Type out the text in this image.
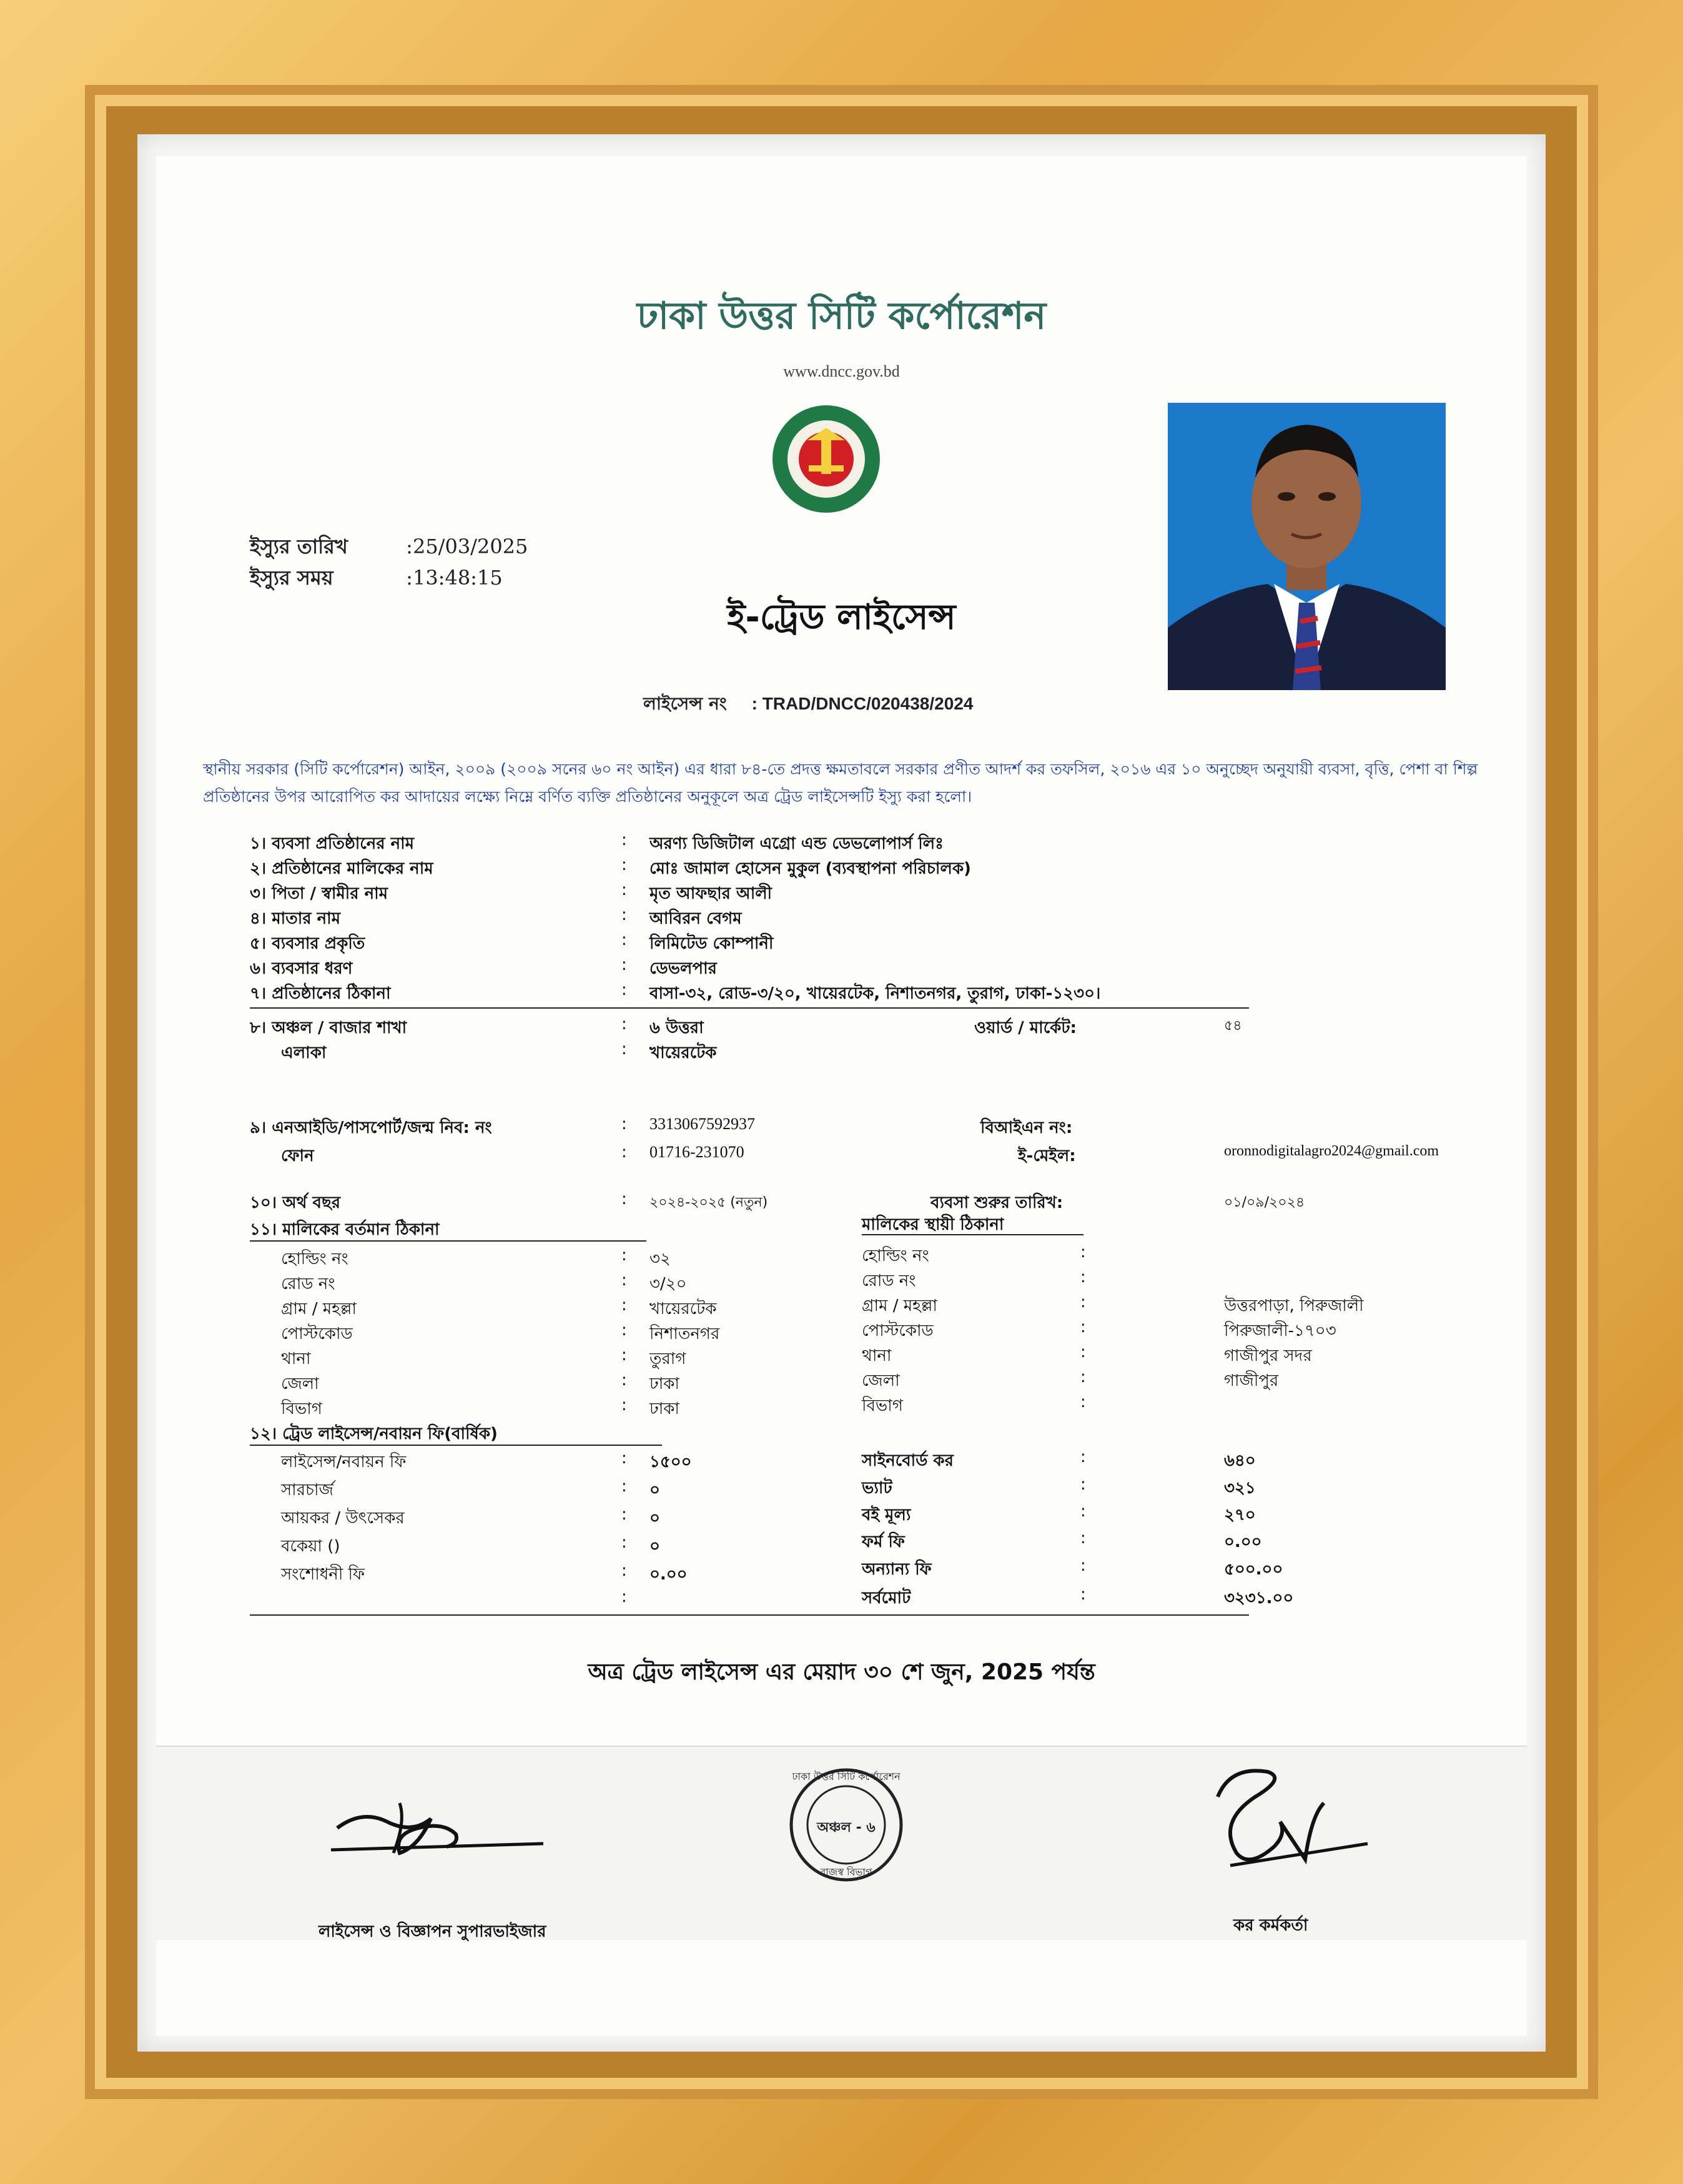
ঢাকা উত্তর সিটি কর্পোরেশন
www.dncc.gov.bd
ইস্যুর তারিখ	:25/03/2025
ইস্যুর সময়	:13:48:15
ই-ট্রেড লাইসেন্স
লাইসেন্স নং : TRAD/DNCC/020438/2024
স্থানীয় সরকার (সিটি কর্পোরেশন) আইন, ২০০৯ (২০০৯ সনের ৬০ নং আইন) এর ধারা ৮৪-তে প্রদত্ত ক্ষমতাবলে সরকার প্রণীত আদর্শ কর তফসিল, ২০১৬ এর ১০ অনুচ্ছেদ অনুযায়ী ব্যবসা, বৃত্তি, পেশা বা শিল্প প্রতিষ্ঠানের উপর আরোপিত কর আদায়ের লক্ষ্যে নিম্নে বর্ণিত ব্যক্তি প্রতিষ্ঠানের অনুকূলে অত্র ট্রেড লাইসেন্সটি ইস্যু করা হলো।
১। ব্যবসা প্রতিষ্ঠানের নাম	: অরণ্য ডিজিটাল এগ্রো এন্ড ডেভলোপার্স লিঃ
২। প্রতিষ্ঠানের মালিকের নাম	: মোঃ জামাল হোসেন মুকুল (ব্যবস্থাপনা পরিচালক)
৩। পিতা / স্বামীর নাম	: মৃত আফছার আলী
৪। মাতার নাম	: আবিরন বেগম
৫। ব্যবসার প্রকৃতি	: লিমিটেড কোম্পানী
৬। ব্যবসার ধরণ	: ডেভলপার
৭। প্রতিষ্ঠানের ঠিকানা	: বাসা-৩২, রোড-৩/২০, খায়েরটেক, নিশাতনগর, তুরাগ, ঢাকা-১২৩০।
৮। অঞ্চল / বাজার শাখা	: ৬ উত্তরা	ওয়ার্ড / মার্কেট:	৫৪
এলাকা	: খায়েরটেক
৯। এনআইডি/পাসপোর্ট/জন্ম নিব: নং	: 3313067592937	বিআইএন নং:
ফোন	: 01716-231070	ই-মেইল:	oronnodigitalagro2024@gmail.com
১০। অর্থ বছর	: ২০২৪-২০২৫ (নতুন)	ব্যবসা শুরুর তারিখ:	০১/০৯/২০২৪
১১। মালিকের বর্তমান ঠিকানা	মালিকের স্থায়ী ঠিকানা
হোল্ডিং নং	: ৩২	হোল্ডিং নং	:
রোড নং	: ৩/২০	রোড নং	:
গ্রাম / মহল্লা	: খায়েরটেক	গ্রাম / মহল্লা	:	উত্তরপাড়া, পিরুজালী
পোস্টকোড	: নিশাতনগর	পোস্টকোড	:	পিরুজালী-১৭০৩
থানা	: তুরাগ	থানা	:	গাজীপুর সদর
জেলা	: ঢাকা	জেলা	:	গাজীপুর
বিভাগ	: ঢাকা	বিভাগ	:
১২। ট্রেড লাইসেন্স/নবায়ন ফি(বার্ষিক)
লাইসেন্স/নবায়ন ফি	: ১৫০০	সাইনবোর্ড কর	:	৬৪০
সারচার্জ	: ০	ভ্যাট	:	৩২১
আয়কর / উৎসেকর	: ০	বই মূল্য	:	২৭০
বকেয়া ()	: ০	ফর্ম ফি	:	০.০০
সংশোধনী ফি	: ০.০০	অন্যান্য ফি	:	৫০০.০০
:	সর্বমোট	:	৩২৩১.০০
অত্র ট্রেড লাইসেন্স এর মেয়াদ ৩০ শে জুন, 2025 পর্যন্ত
ঢাকা উত্তর সিটি কর্পোরেশন
অঞ্চল - ৬
রাজস্ব বিভাগ
লাইসেন্স ও বিজ্ঞাপন সুপারভাইজার	কর কর্মকর্তা
